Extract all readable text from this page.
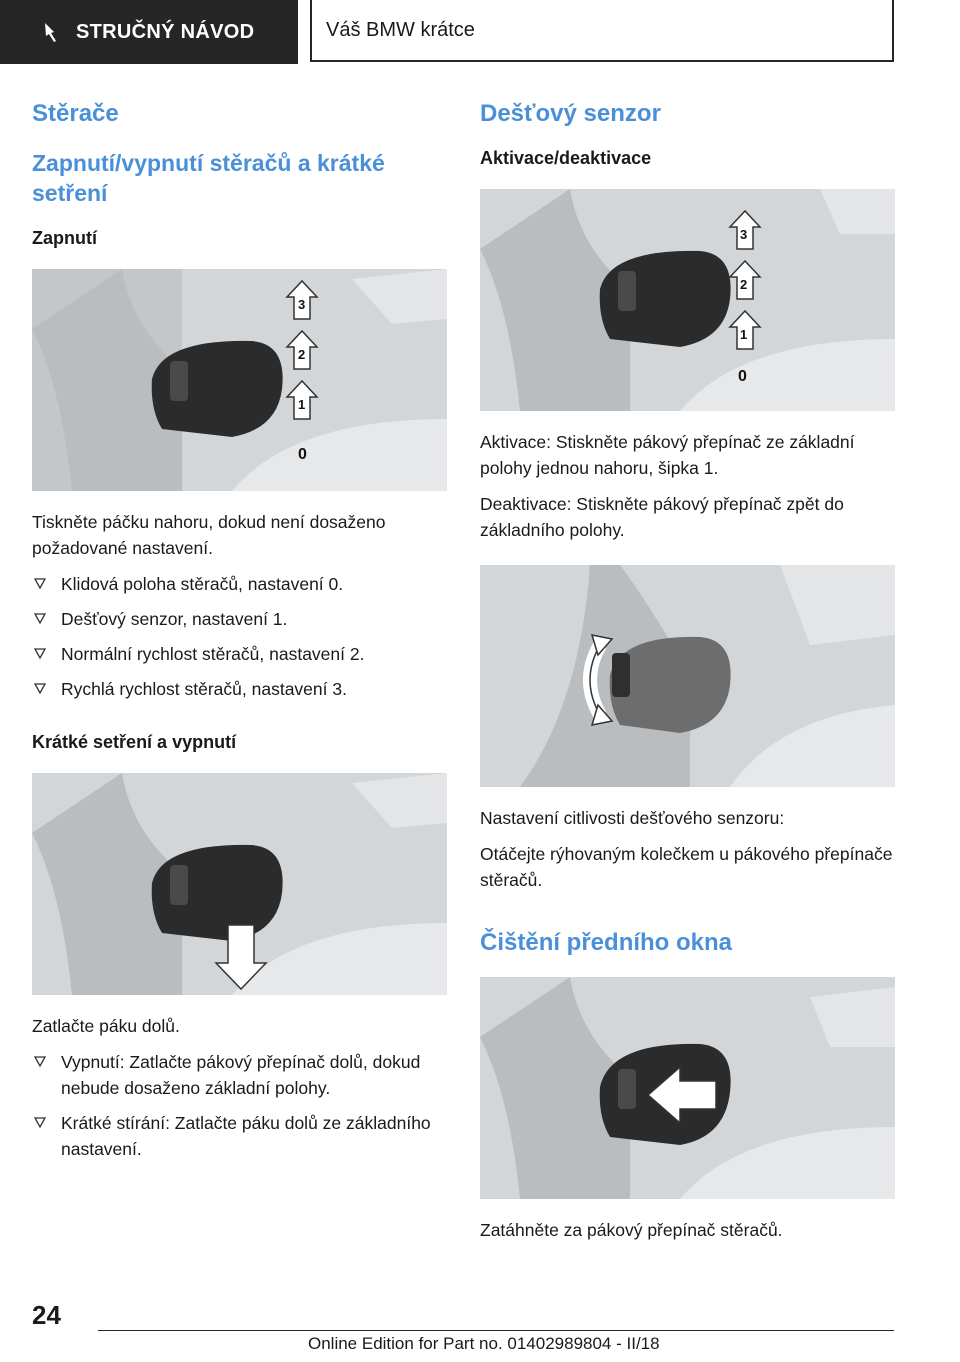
STRUČNÝ NÁVOD	Váš BMW krátce
Stěrače
Zapnutí/vypnutí stěračů a krátké setření
Zapnutí
0
1
2
3

Tiskněte páčku nahoru, dokud není dosaženo požadované nastavení.

Klidová poloha stěračů, nastavení 0.
Dešťový senzor, nastavení 1.
Normální rychlost stěračů, nastavení 2.
Rychlá rychlost stěračů, nastavení 3.
Krátké setření a vypnutí

Zatlačte páku dolů.

Vypnutí: Zatlačte pákový přepínač dolů, dokud nebude dosaženo základní polohy.
Krátké stírání: Zatlačte páku dolů ze základního nastavení.
Dešťový senzor
Aktivace/deaktivace
0
1
2
3

Aktivace: Stiskněte pákový přepínač ze základní polohy jednou nahoru, šipka 1.

Deaktivace: Stiskněte pákový přepínač zpět do základního polohy.

Nastavení citlivosti dešťového senzoru:

Otáčejte rýhovaným kolečkem u pákového přepínače stěračů.

Čištění předního okna

Zatáhněte za pákový přepínač stěračů.

24
Online Edition for Part no. 01402989804 - II/18
